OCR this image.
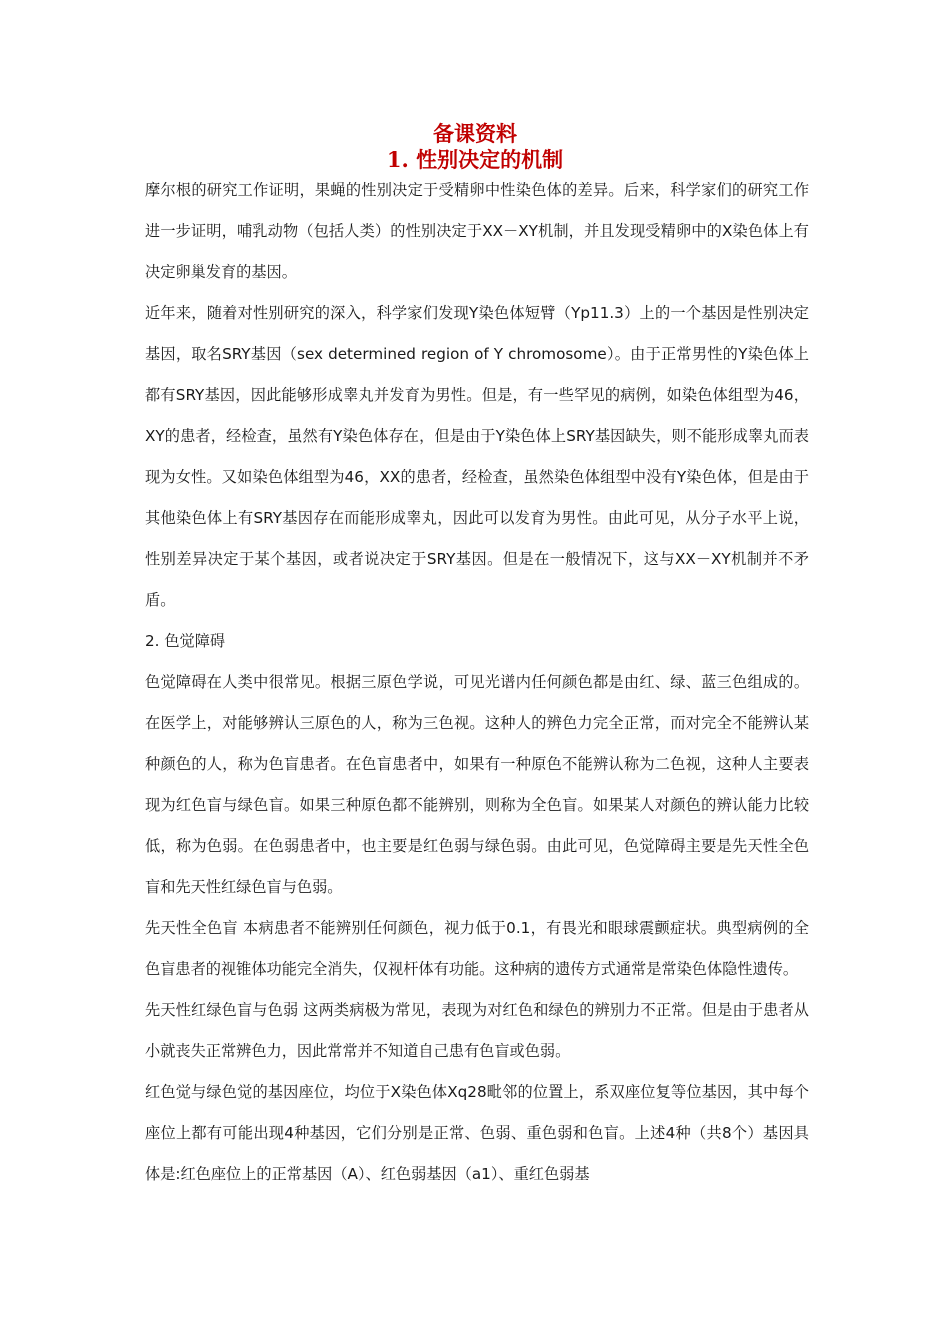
备课资料
1. 性别决定的机制

摩尔根的研究工作证明，果蝇的性别决定于受精卵中性染色体的差异。后来，科学家们的研究工作进一步证明，哺乳动物（包括人类）的性别决定于XX－XY机制，并且发现受精卵中的X染色体上有决定卵巢发育的基因。

近年来，随着对性别研究的深入，科学家们发现Y染色体短臂（Yp11.3）上的一个基因是性别决定基因，取名SRY基因（sex determined region of Y chromosome）。由于正常男性的Y染色体上都有SRY基因，因此能够形成睾丸并发育为男性。但是，有一些罕见的病例，如染色体组型为46，XY的患者，经检查，虽然有Y染色体存在，但是由于Y染色体上SRY基因缺失，则不能形成睾丸而表现为女性。又如染色体组型为46，XX的患者，经检查，虽然染色体组型中没有Y染色体，但是由于其他染色体上有SRY基因存在而能形成睾丸，因此可以发育为男性。由此可见，从分子水平上说，性别差异决定于某个基因，或者说决定于SRY基因。但是在一般情况下，这与XX－XY机制并不矛盾。

2. 色觉障碍

色觉障碍在人类中很常见。根据三原色学说，可见光谱内任何颜色都是由红、绿、蓝三色组成的。在医学上，对能够辨认三原色的人，称为三色视。这种人的辨色力完全正常，而对完全不能辨认某种颜色的人，称为色盲患者。在色盲患者中，如果有一种原色不能辨认称为二色视，这种人主要表现为红色盲与绿色盲。如果三种原色都不能辨别，则称为全色盲。如果某人对颜色的辨认能力比较低，称为色弱。在色弱患者中，也主要是红色弱与绿色弱。由此可见，色觉障碍主要是先天性全色盲和先天性红绿色盲与色弱。

先天性全色盲 本病患者不能辨别任何颜色，视力低于0.1，有畏光和眼球震颤症状。典型病例的全色盲患者的视锥体功能完全消失，仅视杆体有功能。这种病的遗传方式通常是常染色体隐性遗传。

先天性红绿色盲与色弱 这两类病极为常见，表现为对红色和绿色的辨别力不正常。但是由于患者从小就丧失正常辨色力，因此常常并不知道自己患有色盲或色弱。

红色觉与绿色觉的基因座位，均位于X染色体Xq28毗邻的位置上，系双座位复等位基因，其中每个座位上都有可能出现4种基因，它们分别是正常、色弱、重色弱和色盲。上述4种（共8个）基因具体是:红色座位上的正常基因（A）、红色弱基因（a1）、重红色弱基
